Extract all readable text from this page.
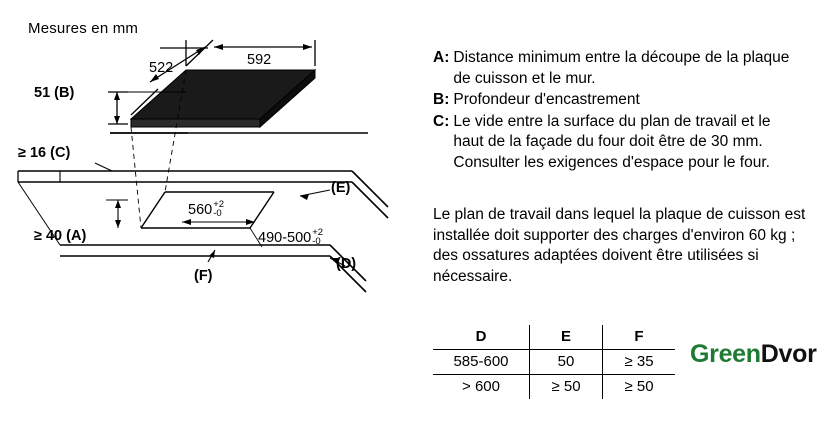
Mesures en mm
522	592
51 (B)
≥ 16 (C)
≥ 40 (A)
(E)
(F)
(D)
560 +2
-0
490-500 +2
-0
A: Distance minimum entre la découpe de la plaque de cuisson et le mur.
B: Profondeur d'encastrement
C: Le vide entre la surface du plan de travail et le haut de la façade du four doit être de 30 mm. Consulter les exigences d'espace pour le four.
Le plan de travail dans lequel la plaque de cuisson est installée doit supporter des charges d'environ 60 kg ; des ossatures adaptées doivent être utilisées si nécessaire.
D	E	F
585-600	50	≥ 35
> 600	≥ 50	≥ 50
GreenDvor
